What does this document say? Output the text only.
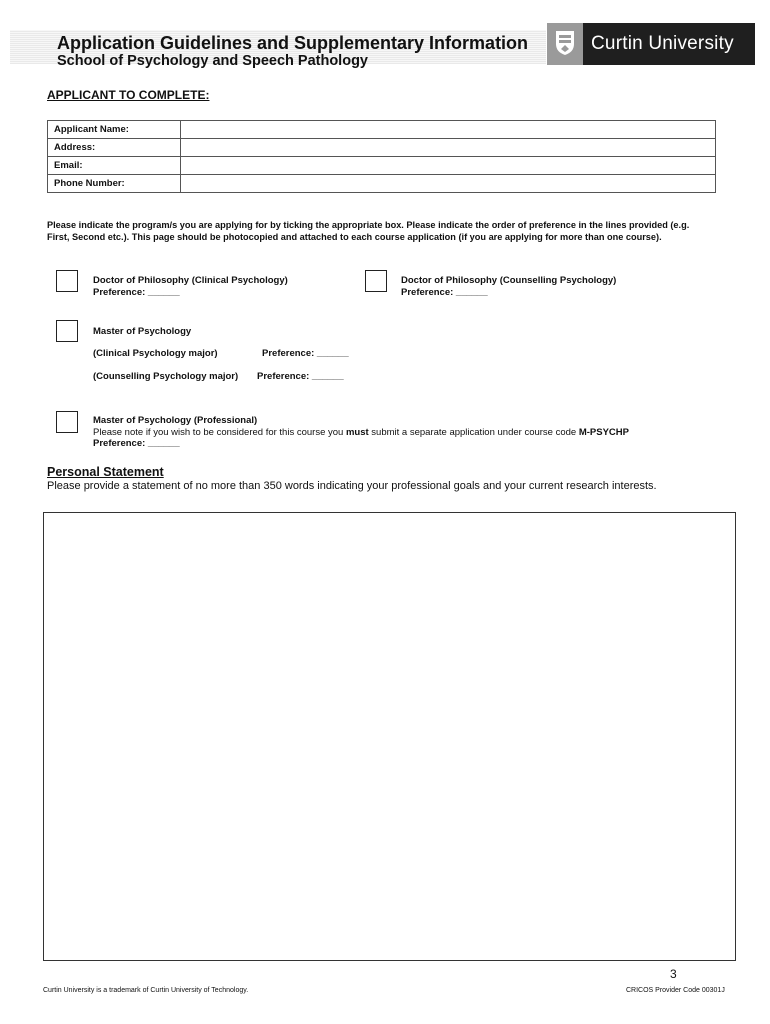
Application Guidelines and Supplementary Information
School of Psychology and Speech Pathology
Curtin University
APPLICANT TO COMPLETE:
Applicant Name:	
Address:	
Email:	
Phone Number:	
Please indicate the program/s you are applying for by ticking the appropriate box. Please indicate the order of preference in the lines provided (e.g. First, Second etc.). This page should be photocopied and attached to each course application (if you are applying for more than one course).
Doctor of Philosophy (Clinical Psychology)
Preference: ______
Doctor of Philosophy (Counselling Psychology)
Preference: ______
Master of Psychology
(Clinical Psychology major)	Preference: ______
(Counselling Psychology major) Preference: ______
Master of Psychology (Professional)
Please note if you wish to be considered for this course you must submit a separate application under course code M-PSYCHP
Preference: ______
Personal Statement
Please provide a statement of no more than 350 words indicating your professional goals and your current research interests.
3
Curtin University is a trademark of Curtin University of Technology.	CRICOS Provider Code 00301J
